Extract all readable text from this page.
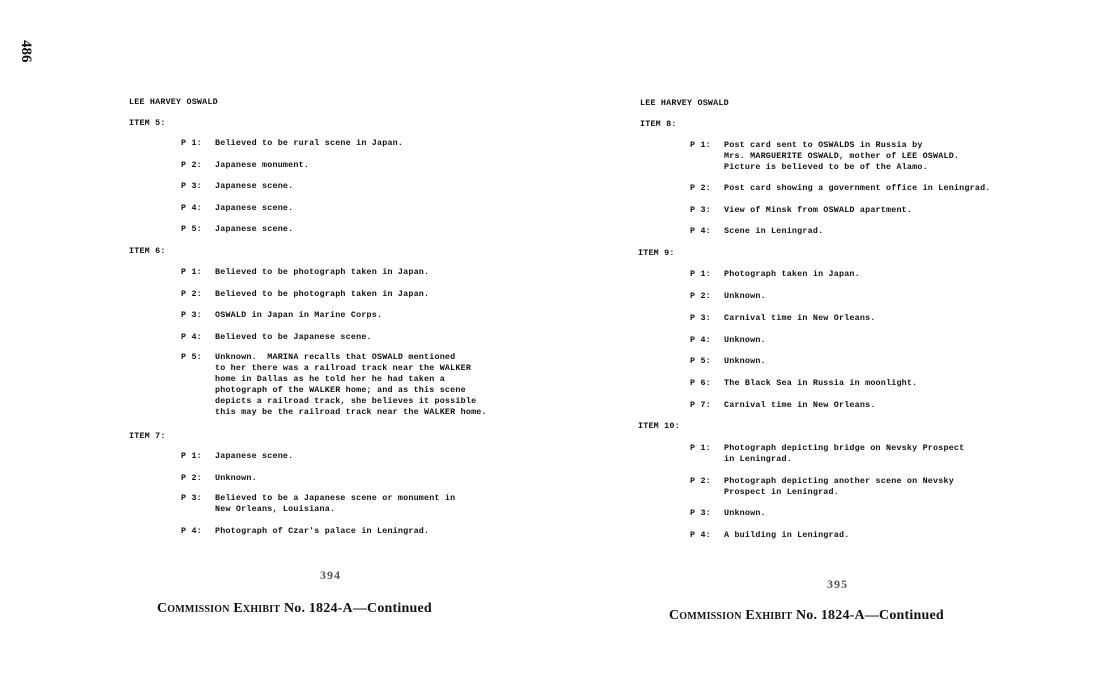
486
LEE HARVEY OSWALD
ITEM 5:
P 1: Believed to be rural scene in Japan.
P 2: Japanese monument.
P 3: Japanese scene.
P 4: Japanese scene.
P 5: Japanese scene.
ITEM 6:
P 1: Believed to be photograph taken in Japan.
P 2: Believed to be photograph taken in Japan.
P 3: OSWALD in Japan in Marine Corps.
P 4: Believed to be Japanese scene.
P 5: Unknown.  MARINA recalls that OSWALD mentioned
to her there was a railroad track near the WALKER
home in Dallas as he told her he had taken a
photograph of the WALKER home; and as this scene
depicts a railroad track, she believes it possible
this may be the railroad track near the WALKER home.
ITEM 7:
P 1: Japanese scene.
P 2: Unknown.
P 3: Believed to be a Japanese scene or monument in
New Orleans, Louisiana.
P 4: Photograph of Czar's palace in Leningrad.
394
Commission Exhibit No. 1824-A—Continued
LEE HARVEY OSWALD
ITEM 8:
P 1: Post card sent to OSWALDS in Russia by
Mrs. MARGUERITE OSWALD, mother of LEE OSWALD.
Picture is believed to be of the Alamo.
P 2: Post card showing a government office in Leningrad.
P 3: View of Minsk from OSWALD apartment.
P 4: Scene in Leningrad.
ITEM 9:
P 1: Photograph taken in Japan.
P 2: Unknown.
P 3: Carnival time in New Orleans.
P 4: Unknown.
P 5: Unknown.
P 6: The Black Sea in Russia in moonlight.
P 7: Carnival time in New Orleans.
ITEM 10:
P 1: Photograph depicting bridge on Nevsky Prospect
in Leningrad.
P 2: Photograph depicting another scene on Nevsky
Prospect in Leningrad.
P 3: Unknown.
P 4: A building in Leningrad.
395
Commission Exhibit No. 1824-A—Continued
